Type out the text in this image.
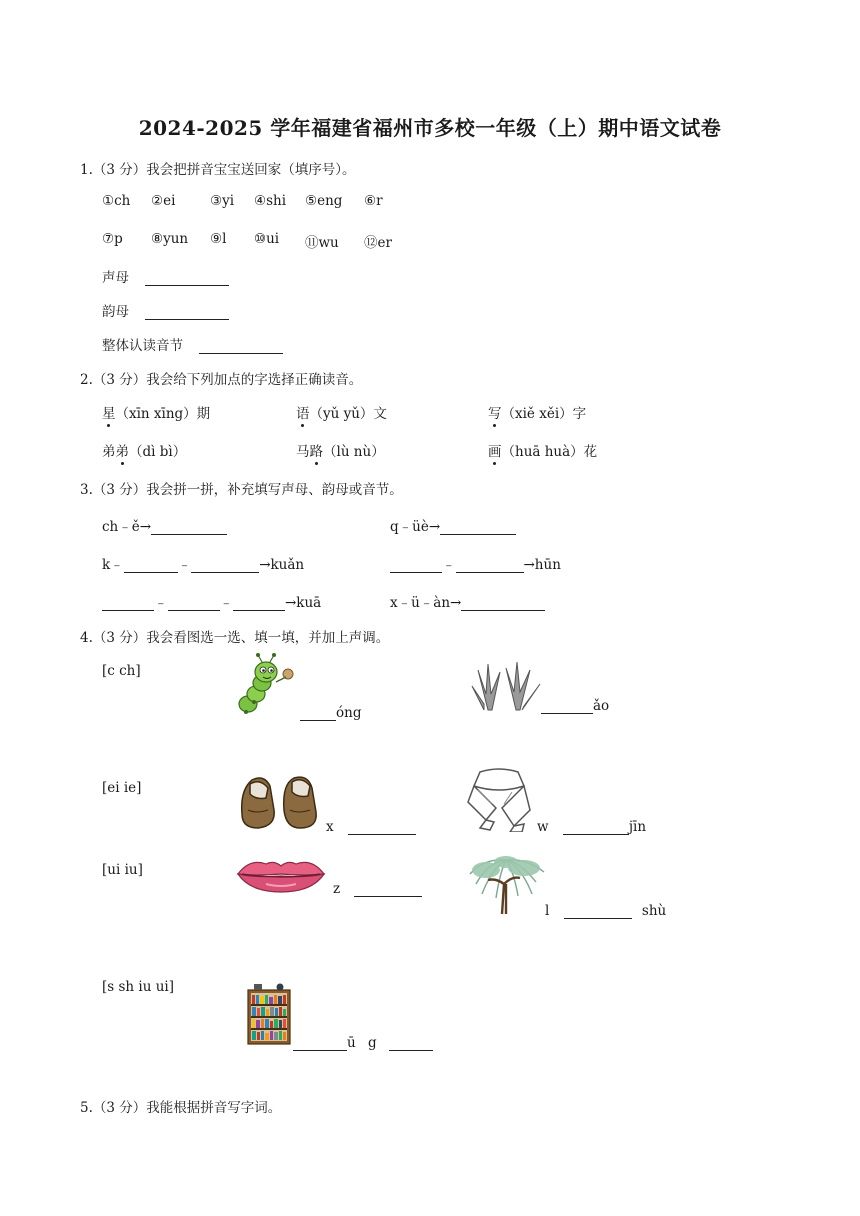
2024-2025 学年福建省福州市多校一年级（上）期中语文试卷
1.（3 分）我会把拼音宝宝送回家（填序号）。
①ch ②ei	③yi ④shi ⑤eng ⑥r
⑦p ⑧yun ⑨l ⑩ui ⑪wu ⑫er
声母
韵母
整体认读音节
2.（3 分）我会给下列加点的字选择正确读音。
星（xīn xīng）期	语（yǔ yǔ）文	写（xiě xěi）字
弟弟（dì bì）	马路（lù nù）	画（huā huà）花
3.（3 分）我会拼一拼，补充填写声母、韵母或音节。
ch﹣ě→	q﹣üè→
k﹣	﹣	→kuǎn	﹣	→hūn
﹣	﹣	→kuā	x﹣ü﹣àn→
4.（3 分）我会看图选一选、填一填，并加上声调。
[c ch]
óng	ǎo
[ei ie]
x	w	jīn
[ui iu]
z
l	shù
[s sh iu ui]
ū g
5.（3 分）我能根据拼音写字词。
